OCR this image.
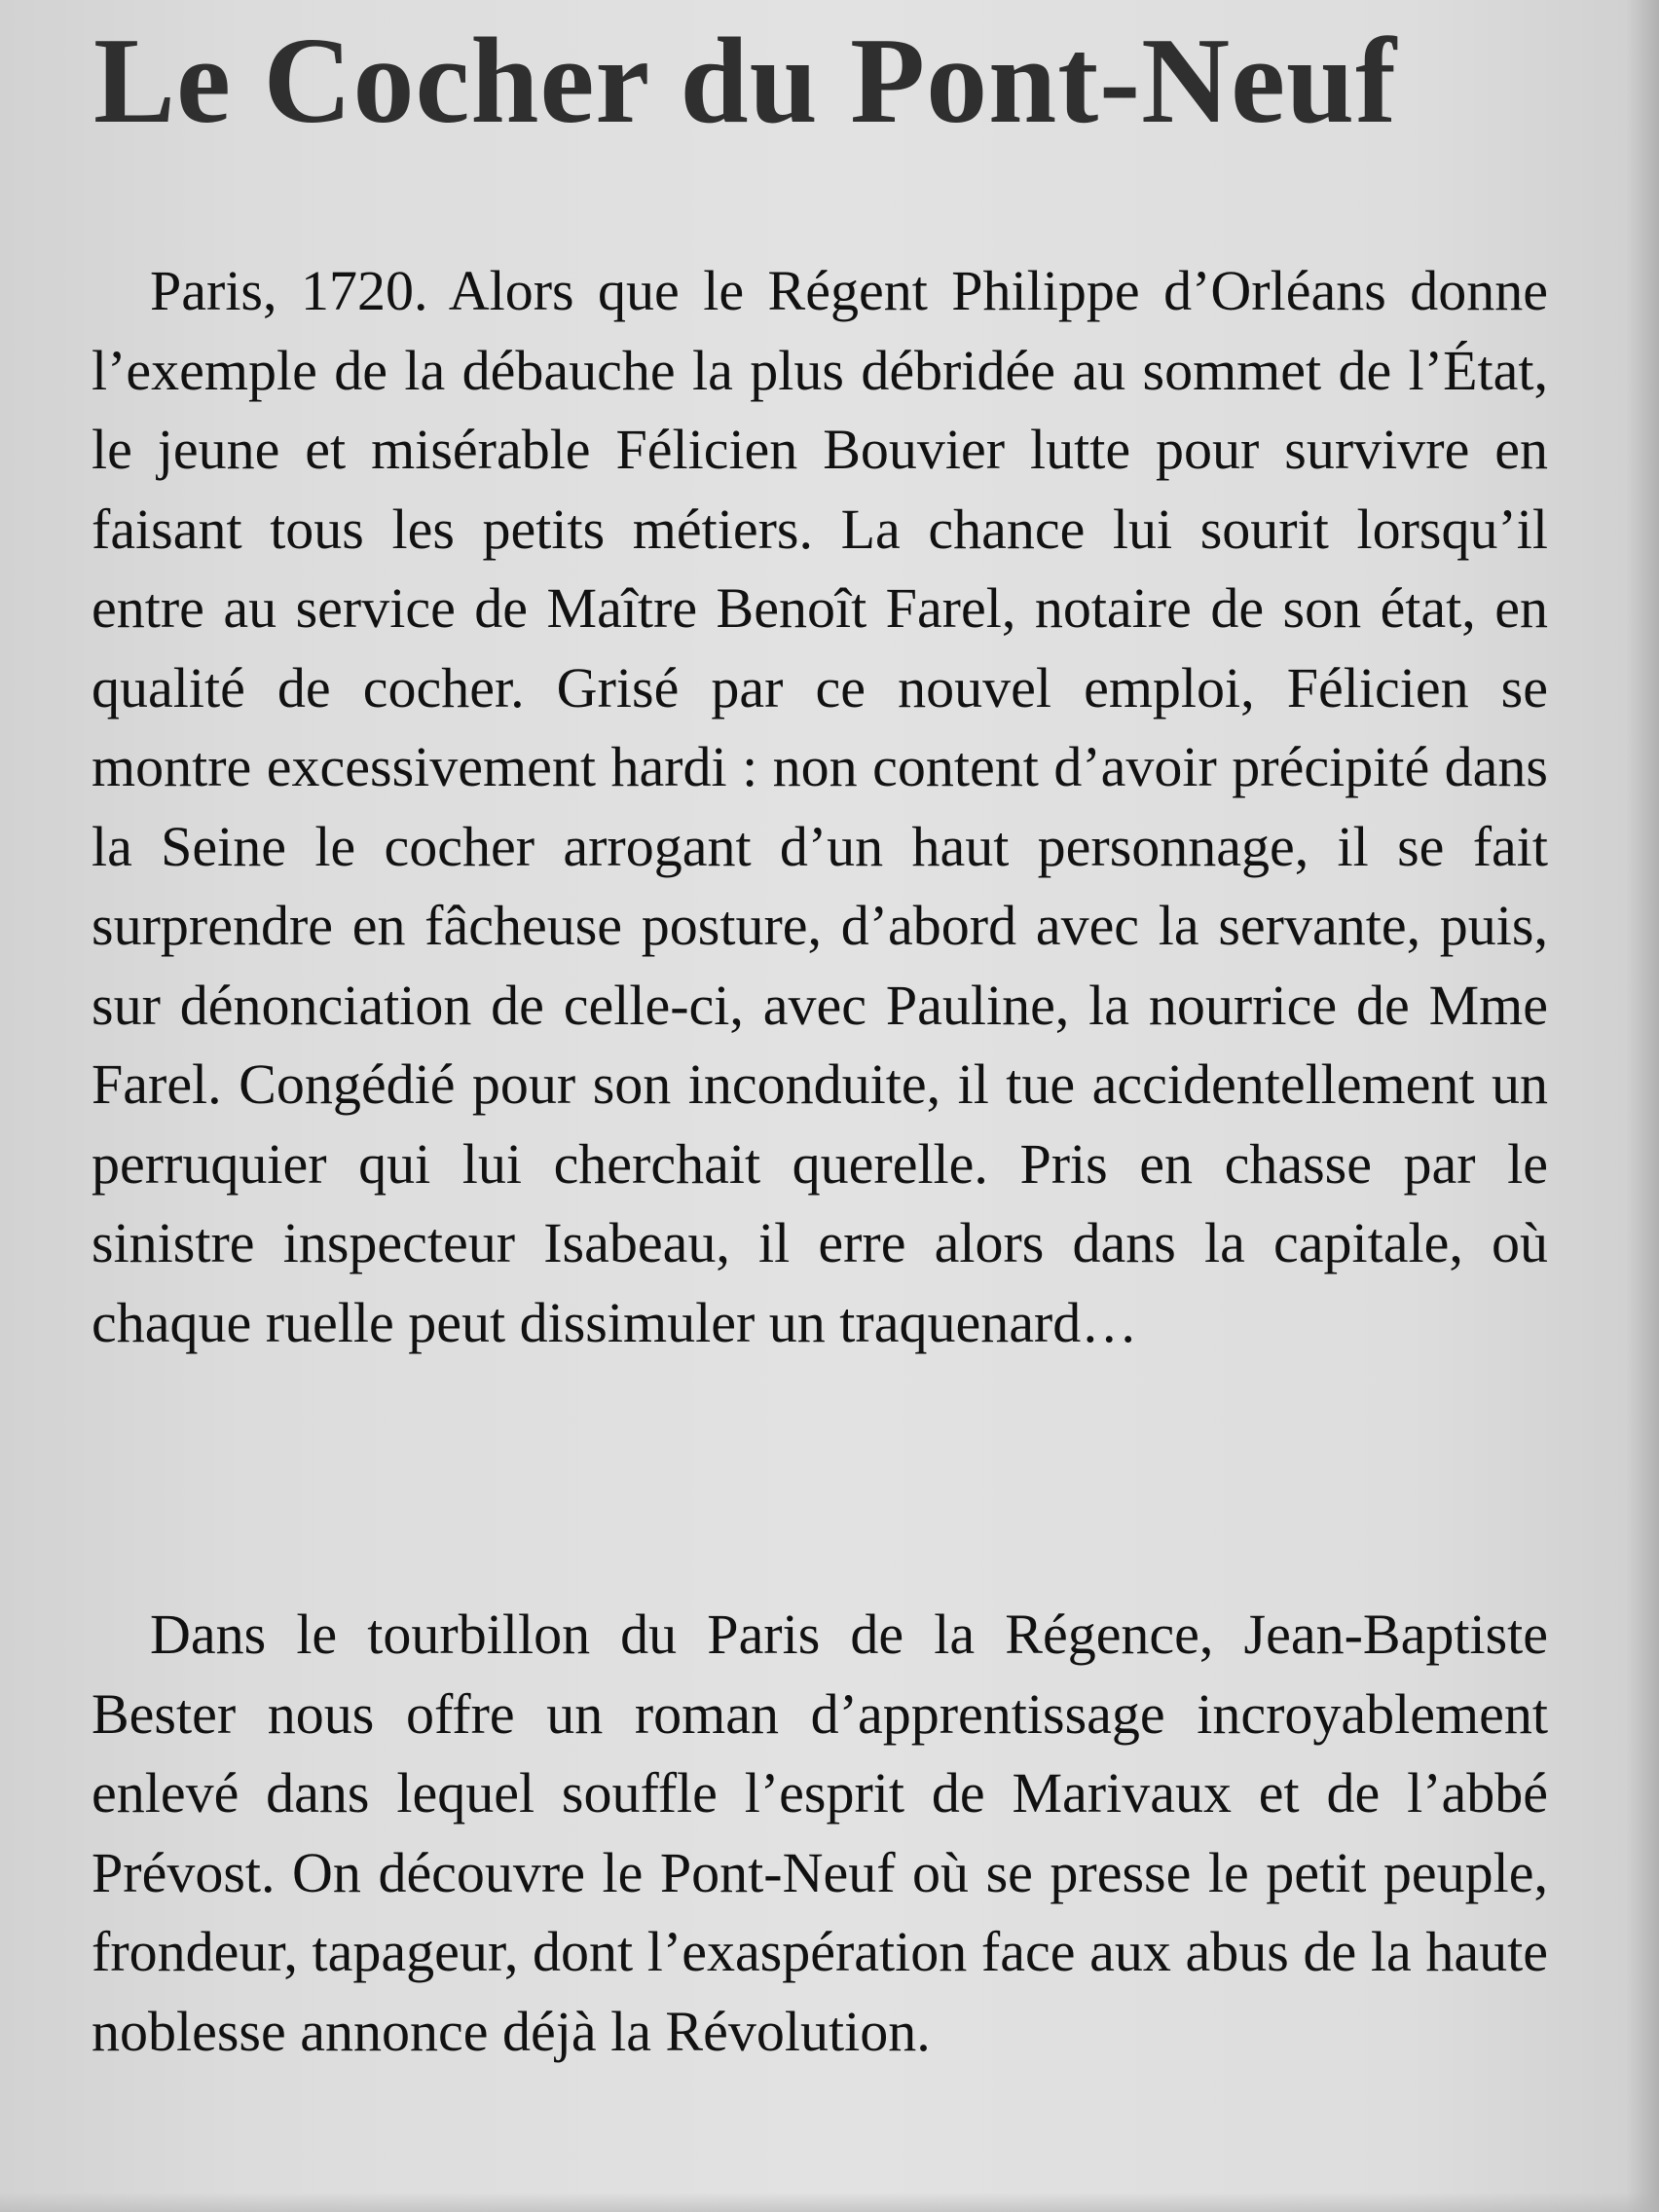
Le Cocher du Pont-Neuf

Paris, 1720. Alors que le Régent Philippe d’Orléans donne l’exemple de la débauche la plus débridée au sommet de l’État, le jeune et misérable Félicien Bouvier lutte pour survivre en faisant tous les petits métiers. La chance lui sourit lorsqu’il entre au service de Maître Benoît Farel, notaire de son état, en qualité de cocher. Grisé par ce nouvel emploi, Félicien se montre excessivement hardi : non content d’avoir précipité dans la Seine le cocher arrogant d’un haut personnage, il se fait surprendre en fâcheuse posture, d’abord avec la servante, puis, sur dénonciation de celle-ci, avec Pauline, la nourrice de Mme Farel. Congédié pour son inconduite, il tue accidentellement un perruquier qui lui cherchait querelle. Pris en chasse par le sinistre inspecteur Isabeau, il erre alors dans la capitale, où chaque ruelle peut dissimuler un traquenard…

Dans le tourbillon du Paris de la Régence, Jean-Baptiste Bester nous offre un roman d’apprentissage incroyablement enlevé dans lequel souffle l’esprit de Marivaux et de l’abbé Prévost. On découvre le Pont-Neuf où se presse le petit peuple, frondeur, tapageur, dont l’exaspération face aux abus de la haute noblesse annonce déjà la Révolution.
